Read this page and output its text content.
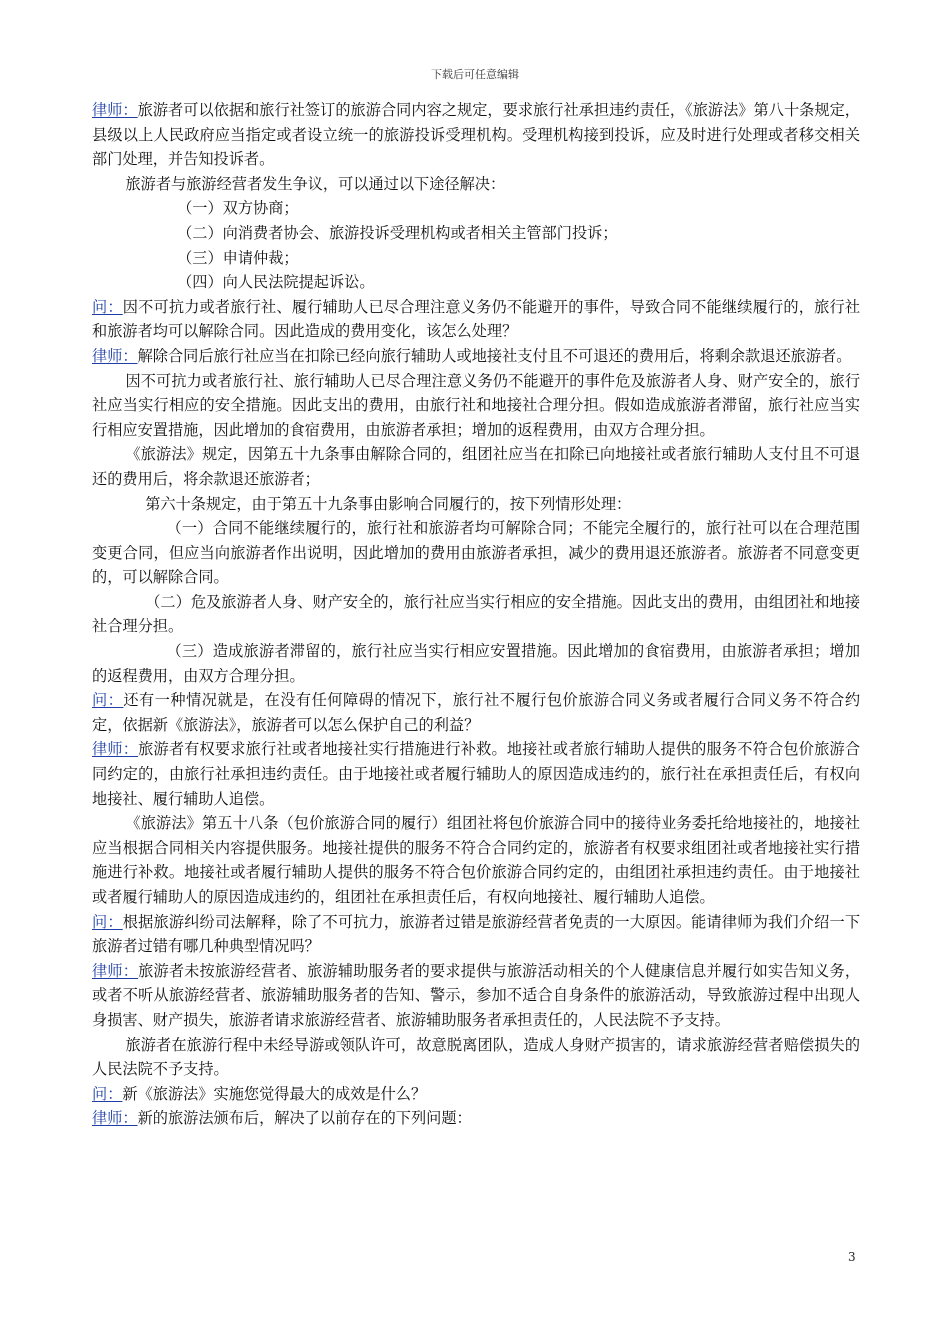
下载后可任意编辑

律师：旅游者可以依据和旅行社签订的旅游合同内容之规定，要求旅行社承担违约责任，《旅游法》第八十条规定，县级以上人民政府应当指定或者设立统一的旅游投诉受理机构。受理机构接到投诉，应及时进行处理或者移交相关部门处理，并告知投诉者。

旅游者与旅游经营者发生争议，可以通过以下途径解决：

（一）双方协商；

（二）向消费者协会、旅游投诉受理机构或者相关主管部门投诉；

（三）申请仲裁；

（四）向人民法院提起诉讼。

问：因不可抗力或者旅行社、履行辅助人已尽合理注意义务仍不能避开的事件，导致合同不能继续履行的，旅行社和旅游者均可以解除合同。因此造成的费用变化，该怎么处理？

律师：解除合同后旅行社应当在扣除已经向旅行辅助人或地接社支付且不可退还的费用后，将剩余款退还旅游者。

因不可抗力或者旅行社、旅行辅助人已尽合理注意义务仍不能避开的事件危及旅游者人身、财产安全的，旅行社应当实行相应的安全措施。因此支出的费用，由旅行社和地接社合理分担。假如造成旅游者滞留，旅行社应当实行相应安置措施，因此增加的食宿费用，由旅游者承担；增加的返程费用，由双方合理分担。

《旅游法》规定，因第五十九条事由解除合同的，组团社应当在扣除已向地接社或者旅行辅助人支付且不可退还的费用后，将余款退还旅游者；

第六十条规定，由于第五十九条事由影响合同履行的，按下列情形处理：

（一）合同不能继续履行的，旅行社和旅游者均可解除合同；不能完全履行的，旅行社可以在合理范围变更合同，但应当向旅游者作出说明，因此增加的费用由旅游者承担，减少的费用退还旅游者。旅游者不同意变更的，可以解除合同。

（二）危及旅游者人身、财产安全的，旅行社应当实行相应的安全措施。因此支出的费用，由组团社和地接社合理分担。

（三）造成旅游者滞留的，旅行社应当实行相应安置措施。因此增加的食宿费用，由旅游者承担；增加的返程费用，由双方合理分担。

问：还有一种情况就是，在没有任何障碍的情况下，旅行社不履行包价旅游合同义务或者履行合同义务不符合约定，依据新《旅游法》，旅游者可以怎么保护自己的利益？

律师：旅游者有权要求旅行社或者地接社实行措施进行补救。地接社或者旅行辅助人提供的服务不符合包价旅游合同约定的，由旅行社承担违约责任。由于地接社或者履行辅助人的原因造成违约的，旅行社在承担责任后，有权向地接社、履行辅助人追偿。

《旅游法》第五十八条（包价旅游合同的履行）组团社将包价旅游合同中的接待业务委托给地接社的，地接社应当根据合同相关内容提供服务。地接社提供的服务不符合合同约定的，旅游者有权要求组团社或者地接社实行措施进行补救。地接社或者履行辅助人提供的服务不符合包价旅游合同约定的，由组团社承担违约责任。由于地接社或者履行辅助人的原因造成违约的，组团社在承担责任后，有权向地接社、履行辅助人追偿。

问：根据旅游纠纷司法解释，除了不可抗力，旅游者过错是旅游经营者免责的一大原因。能请律师为我们介绍一下旅游者过错有哪几种典型情况吗？

律师：旅游者未按旅游经营者、旅游辅助服务者的要求提供与旅游活动相关的个人健康信息并履行如实告知义务，或者不听从旅游经营者、旅游辅助服务者的告知、警示，参加不适合自身条件的旅游活动，导致旅游过程中出现人身损害、财产损失，旅游者请求旅游经营者、旅游辅助服务者承担责任的，人民法院不予支持。

旅游者在旅游行程中未经导游或领队许可，故意脱离团队，造成人身财产损害的，请求旅游经营者赔偿损失的人民法院不予支持。

问：新《旅游法》实施您觉得最大的成效是什么？

律师：新的旅游法颁布后，解决了以前存在的下列问题：

3
